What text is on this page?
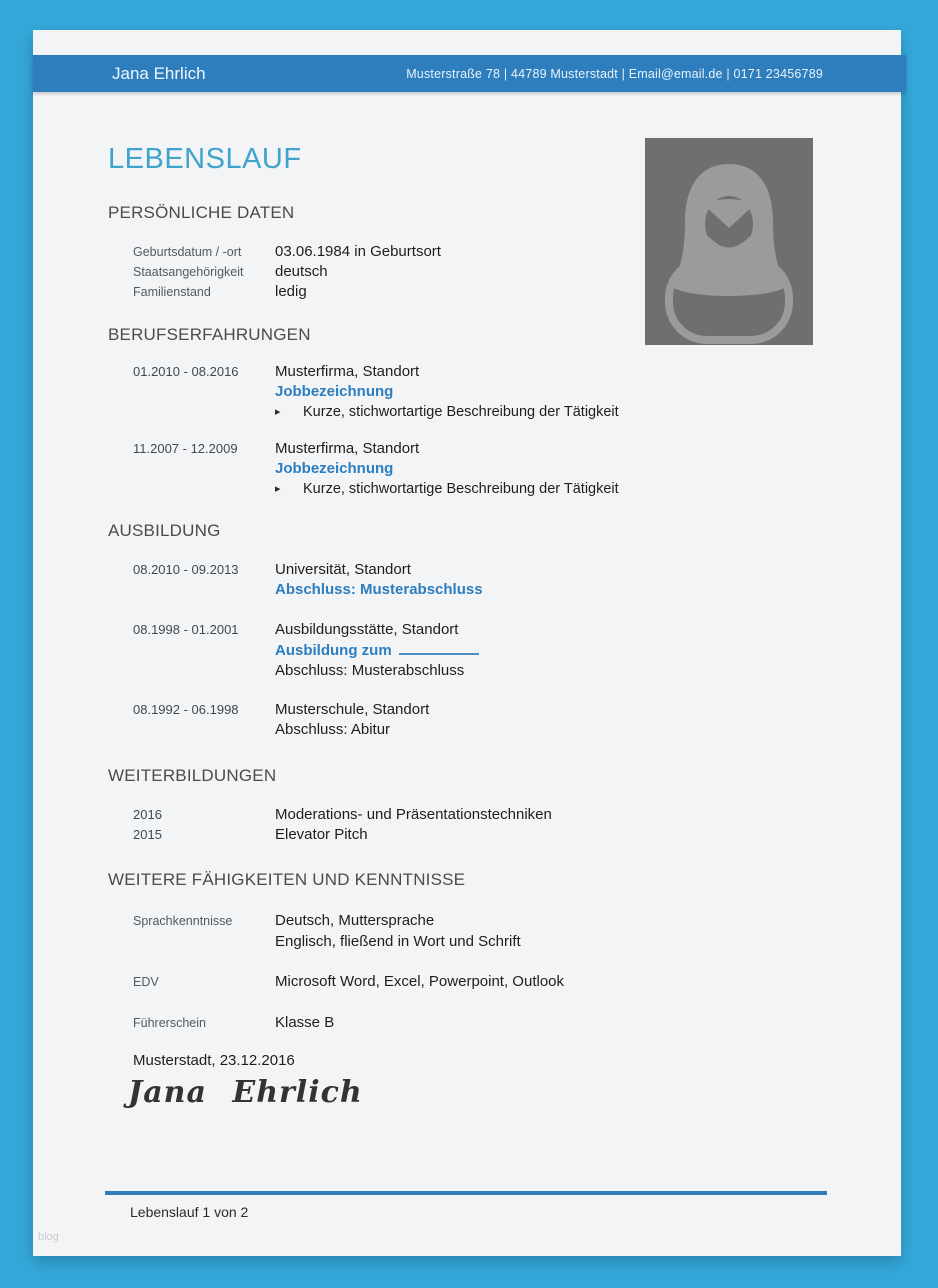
Jana Ehrlich	Musterstraße 78 | 44789 Musterstadt | Email@email.de | 0171 23456789
LEBENSLAUF
PERSÖNLICHE DATEN
Geburtsdatum / -ort	03.06.1984 in Geburtsort
Staatsangehörigkeit	deutsch
Familienstand	ledig
BERUFSERFAHRUNGEN
01.2010 - 08.2016	Musterfirma, Standort
Jobbezeichnung
▸	Kurze, stichwortartige Beschreibung der Tätigkeit
11.2007 - 12.2009	Musterfirma, Standort
Jobbezeichnung
▸	Kurze, stichwortartige Beschreibung der Tätigkeit
AUSBILDUNG
08.2010 - 09.2013	Universität, Standort
Abschluss: Musterabschluss
08.1998 - 01.2001	Ausbildungsstätte, Standort
Ausbildung zum
Abschluss: Musterabschluss
08.1992 - 06.1998	Musterschule, Standort
Abschluss: Abitur
WEITERBILDUNGEN
2016	Moderations- und Präsentationstechniken
2015	Elevator Pitch
WEITERE FÄHIGKEITEN UND KENNTNISSE
Sprachkenntnisse	Deutsch, Muttersprache
Englisch, fließend in Wort und Schrift
EDV	Microsoft Word, Excel, Powerpoint, Outlook
Führerschein	Klasse B
Musterstadt, 23.12.2016
Jana Ehrlich
Lebenslauf 1 von 2
blog
